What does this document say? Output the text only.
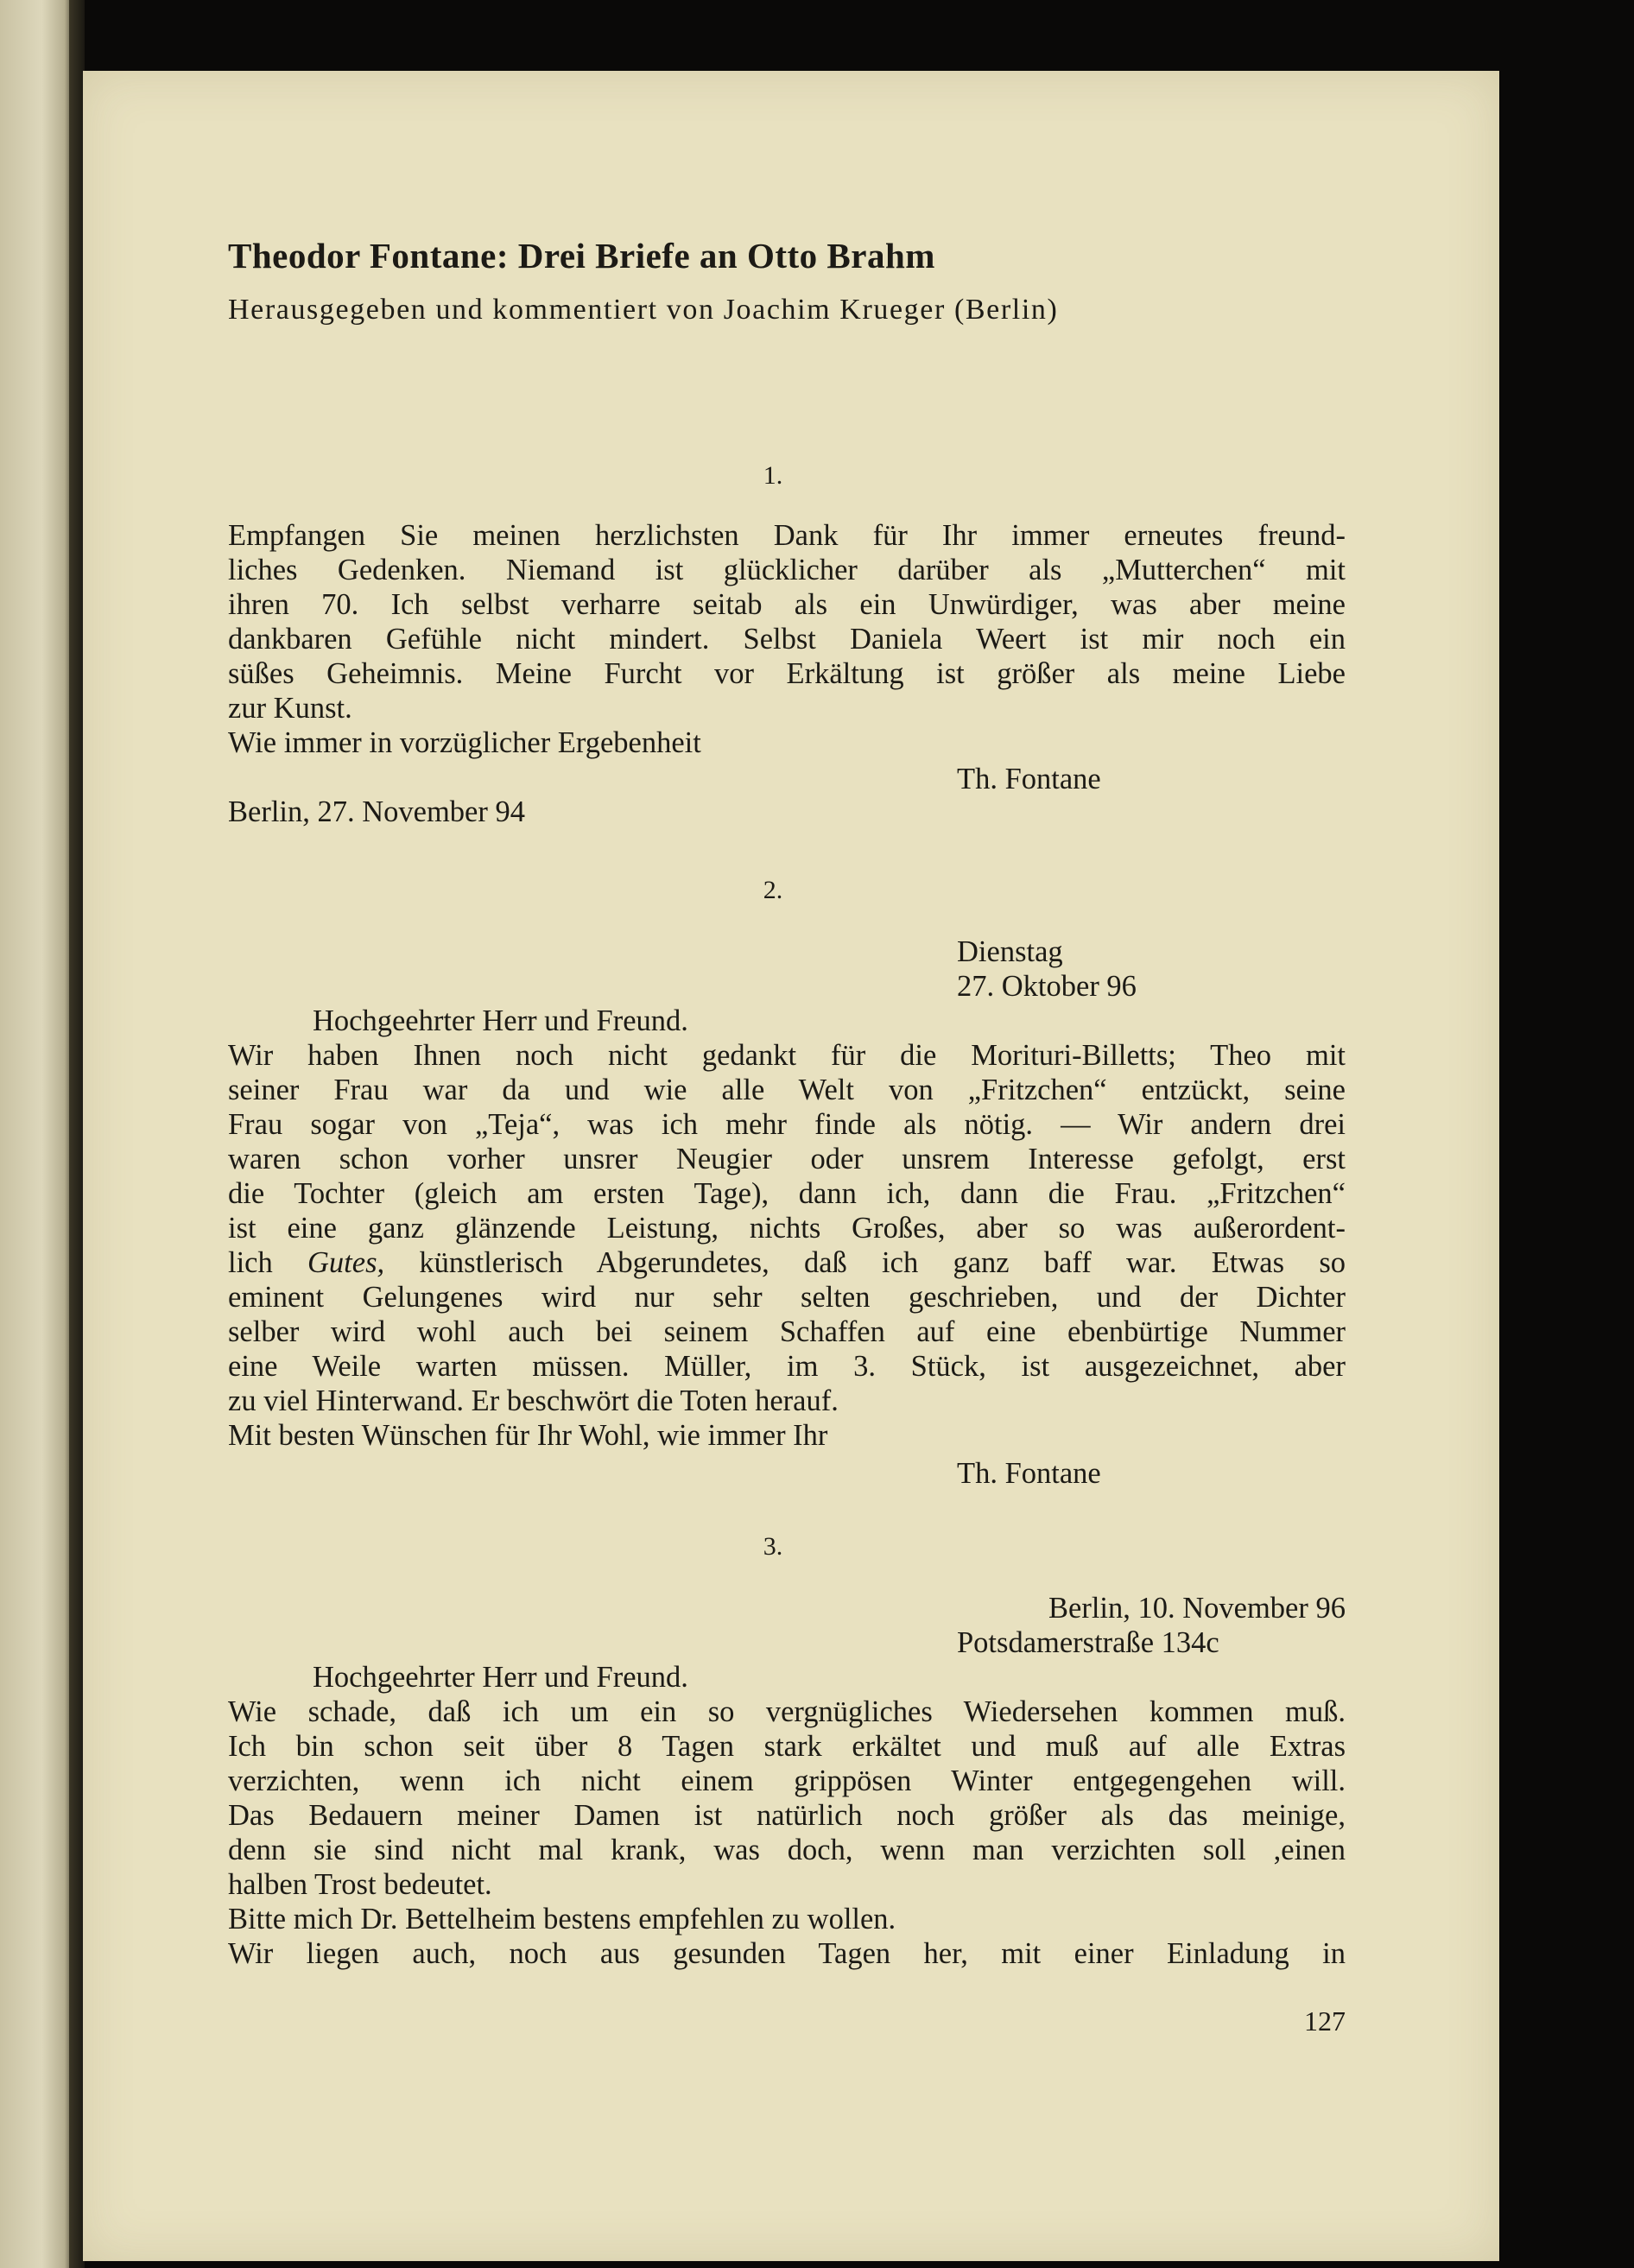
Theodor Fontane: Drei Briefe an Otto Brahm

Herausgegeben und kommentiert von Joachim Krueger (Berlin)

1.

Empfangen Sie meinen herzlichsten Dank für Ihr immer erneutes freund-

liches Gedenken. Niemand ist glücklicher darüber als „Mutterchen“ mit

ihren 70. Ich selbst verharre seitab als ein Unwürdiger, was aber meine

dankbaren Gefühle nicht mindert. Selbst Daniela Weert ist mir noch ein

süßes Geheimnis. Meine Furcht vor Erkältung ist größer als meine Liebe

zur Kunst.

Wie immer in vorzüglicher Ergebenheit

Th. Fontane

Berlin, 27. November 94

2.

Dienstag

27. Oktober 96

Hochgeehrter Herr und Freund.

Wir haben Ihnen noch nicht gedankt für die Morituri-Billetts; Theo mit

seiner Frau war da und wie alle Welt von „Fritzchen“ entzückt, seine

Frau sogar von „Teja“, was ich mehr finde als nötig. — Wir andern drei

waren schon vorher unsrer Neugier oder unsrem Interesse gefolgt, erst

die Tochter (gleich am ersten Tage), dann ich, dann die Frau. „Fritzchen“

ist eine ganz glänzende Leistung, nichts Großes, aber so was außerordent-

lich Gutes, künstlerisch Abgerundetes, daß ich ganz baff war. Etwas so

eminent Gelungenes wird nur sehr selten geschrieben, und der Dichter

selber wird wohl auch bei seinem Schaffen auf eine ebenbürtige Nummer

eine Weile warten müssen. Müller, im 3. Stück, ist ausgezeichnet, aber

zu viel Hinterwand. Er beschwört die Toten herauf.

Mit besten Wünschen für Ihr Wohl, wie immer Ihr

Th. Fontane

3.

Berlin, 10. November 96

Potsdamerstraße 134c

Hochgeehrter Herr und Freund.

Wie schade, daß ich um ein so vergnügliches Wiedersehen kommen muß.

Ich bin schon seit über 8 Tagen stark erkältet und muß auf alle Extras

verzichten, wenn ich nicht einem grippösen Winter entgegengehen will.

Das Bedauern meiner Damen ist natürlich noch größer als das meinige,

denn sie sind nicht mal krank, was doch, wenn man verzichten soll ,einen

halben Trost bedeutet.

Bitte mich Dr. Bettelheim bestens empfehlen zu wollen.

Wir liegen auch, noch aus gesunden Tagen her, mit einer Einladung in

127
